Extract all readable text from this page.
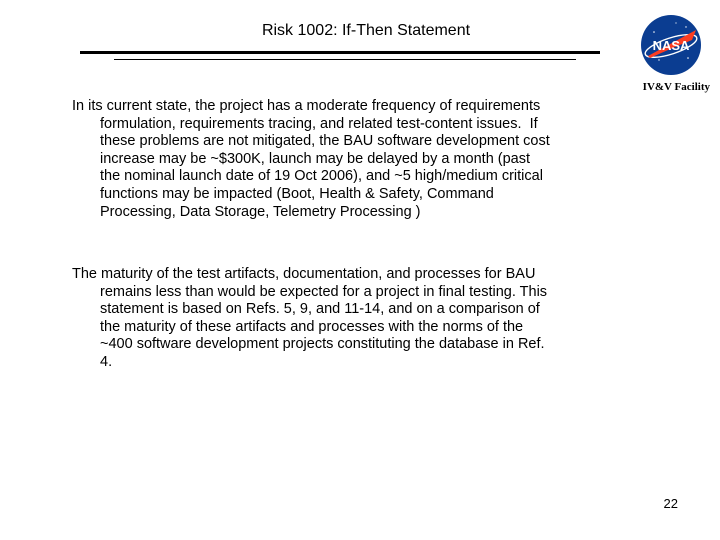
Risk 1002: If-Then Statement
NASA
IV&V Facility
In its current state, the project has a moderate frequency of requirements
formulation, requirements tracing, and related test-content issues.  If
these problems are not mitigated, the BAU software development cost
increase may be ~$300K, launch may be delayed by a month (past
the nominal launch date of 19 Oct 2006), and ~5 high/medium critical
functions may be impacted (Boot, Health & Safety, Command
Processing, Data Storage, Telemetry Processing )
The maturity of the test artifacts, documentation, and processes for BAU
remains less than would be expected for a project in final testing. This
statement is based on Refs. 5, 9, and 11-14, and on a comparison of
the maturity of these artifacts and processes with the norms of the
~400 software development projects constituting the database in Ref.
4.
22
